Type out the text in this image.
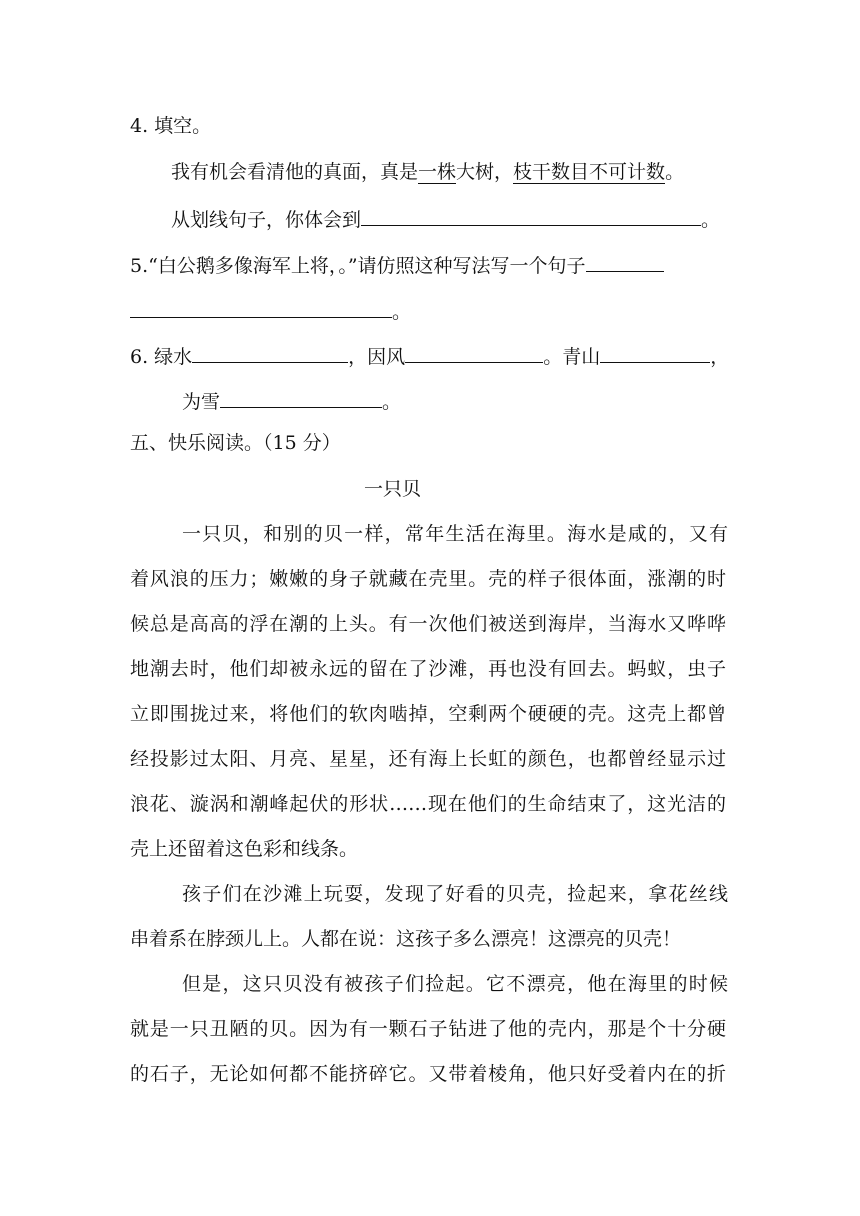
4. 填空。
我有机会看清他的真面，真是一株大树，枝干数目不可计数。
从划线句子，你体会到	。
5.“白公鹅多像海军上将，。”请仿照这种写法写一个句子
。
6. 绿水	，因风	。青山	，
为雪	。
五、快乐阅读。（15 分）
一只贝
一只贝，和别的贝一样，常年生活在海里。海水是咸的，又有
着风浪的压力；嫩嫩的身子就藏在壳里。壳的样子很体面，涨潮的时
候总是高高的浮在潮的上头。有一次他们被送到海岸，当海水又哗哗
地潮去时，他们却被永远的留在了沙滩，再也没有回去。蚂蚁，虫子
立即围拢过来，将他们的软肉啮掉，空剩两个硬硬的壳。这壳上都曾
经投影过太阳、月亮、星星，还有海上长虹的颜色，也都曾经显示过
浪花、漩涡和潮峰起伏的形状……现在他们的生命结束了，这光洁的
壳上还留着这色彩和线条。
孩子们在沙滩上玩耍，发现了好看的贝壳，捡起来，拿花丝线
串着系在脖颈儿上。人都在说：这孩子多么漂亮！这漂亮的贝壳！
但是，这只贝没有被孩子们捡起。它不漂亮，他在海里的时候
就是一只丑陋的贝。因为有一颗石子钻进了他的壳内，那是个十分硬
的石子，无论如何都不能挤碎它。又带着棱角，他只好受着内在的折
